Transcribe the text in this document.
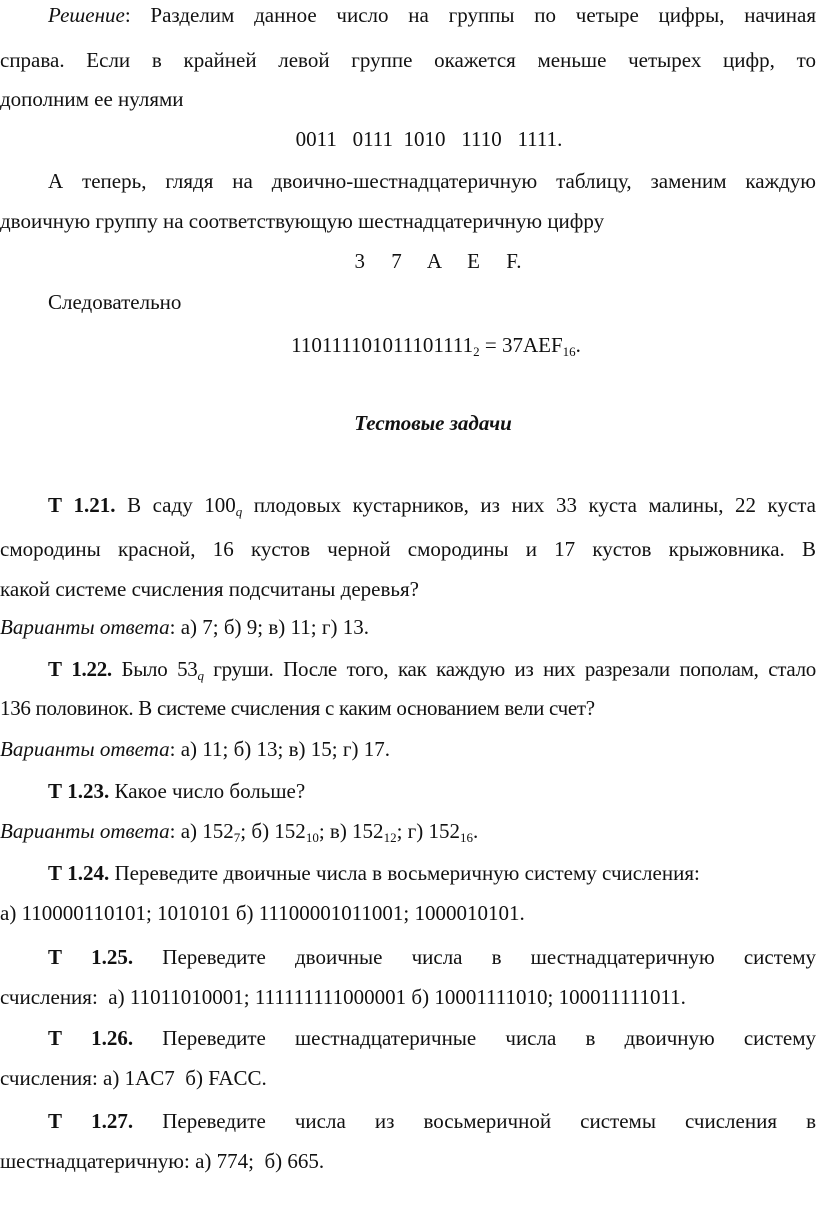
Решение: Разделим данное число на группы по четыре цифры, начиная
справа. Если в крайней левой группе окажется меньше четырех цифр, то
дополним ее нулями
0011   0111  1010   1110   1111.
А теперь, глядя на двоично-шестнадцатеричную таблицу, заменим каждую
двоичную группу на соответствующую шестнадцатеричную цифру
3     7     A     E     F.
Следовательно
$110111101011101111_2 = 37AEF_{16}$.
Тестовые задачи
Т 1.21. В саду $100_q$ плодовых кустарников, из них 33 куста малины, 22 куста
смородины красной, 16 кустов черной смородины и 17 кустов крыжовника. В
какой системе счисления подсчитаны деревья?
Варианты ответа: а) 7; б) 9; в) 11; г) 13.
Т 1.22. Было $53_q$ груши. После того, как каждую из них разрезали пополам, стало
136 половинок. В системе счисления с каким основанием вели счет?
Варианты ответа: а) 11; б) 13; в) 15; г) 17.
Т 1.23. Какое число больше?
Варианты ответа: а) $152_7$; б) $152_{10}$; в) $152_{12}$; г) $152_{16}$.
Т 1.24. Переведите двоичные числа в восьмеричную систему счисления:
а) 110000110101; 1010101 б) 11100001011001; 1000010101.
Т 1.25. Переведите двоичные числа в шестнадцатеричную систему
счисления:  а) 11011010001; 111111111000001 б) 10001111010; 100011111011.
Т 1.26. Переведите шестнадцатеричные числа в двоичную систему
счисления: а) 1AC7  б) FACC.
Т 1.27. Переведите числа из восьмеричной системы счисления в
шестнадцатеричную: а) 774;  б) 665.
